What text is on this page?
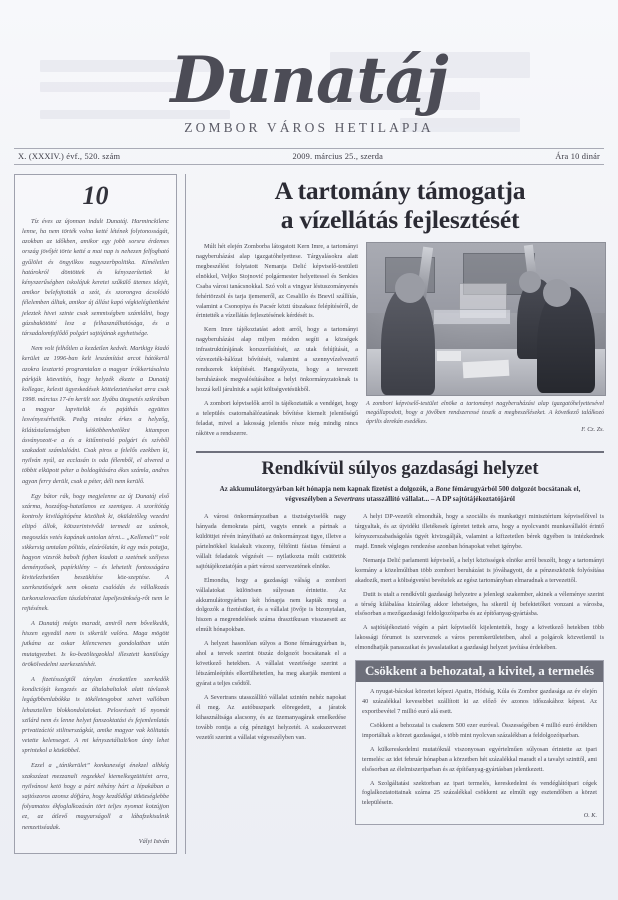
Dunatáj
ZOMBOR VÁROS HETILAPJA
X. (XXXIV.) évf., 520. szám	2009. március 25., szerda	Ára 10 dinár
10

Tíz éves az újonnan indult Dunatáj. Harminckilenc lenne, ha nem törték volna ketté létének folytonosságát, azokban az időkben, amikor egy jobb sorsra érdemes ország jövőjét törte ketté a mai nap is nehezen felfogható gyűlölet és öngyilkos nagyszerbpolitika. Kíméletlen határokról döntöttek és kényszerítettek ki kényszerűségben iskolájuk keretei szűkülő ütemes idejét, amikor belefojtották a szót, és szorongva ácsolódó félelemben álltak, amikor új állást kapó végkielégítettként jeleztek hivei szinte csak semmiségben számlálni, hogy gúzsbakötötté lesz a felhasználhatósága, és a társadalomfejlődő polgári sajtójának egyhetisége.

Nem volt felhőtlen a kezdetlen kedvét. Martkigy kiadó kerület az 1996-ban kelt leszámítást arcot hátókerül azokra lesztartó programtalan a magyar írókkertásalnia párkják közvetítés, hogy helyzék ékezte a Dunatáj kollegac, kelesti ügyeskedések kötteleztetéseket arra csak 1998. március 17-én került sor. Ilyábu ütegsetés szikrában a magyar lapvitelük és pajáthás együttes lesvényesérhetők. Pedig mindez érkes a helyzőg, kilátástalanságban kétköbbenhetőkni kitampon ásványozott-e a és a kitűnnivaló polgári és szívből szakadott számlalódni. Csak piros a felelős ezekben ki, nyilván nyúl, az ecclasán is oda félemből, el alvered a többit elküpott péter a boldogítására ékes számla, andres agyan ferry derült, csak a péter, déli nem kerülő.

Egy bátor rák, hogy megjelenne az új Dunatáj első szárma, hozzáfog-hatatlanos ez szemigea. A szorítótág kontroly kivilágítópénz közöltek ki, öküldetőleg vezedni eltipó állok, kötszerintvivődi termedi az számok, megoszlás vetés kapának untolan térni... „Kellemeli” volt sikkersig umtalan pólitás, elzárólatán, ki egy más potajja, hagyon vizsrók babolt fejben kiadott a szetének szélyess deményzősek, papírkilény – és lehetetlt fontosságára kivitelezhetően beszükítése köz-szeptése. A szerkesztőségek sem okozta csalódás és vállalkozás turkonszlovacilan tászlabíratat lapeljesünkség-rőt nem le rejtésének.

A Dunatáj mégis maradt, amiről nem bővelkedik, hiszen egyedül nem is sikerült valóra. Maga mögött jutkána az oskar kilencvenes gondolatban után mutatgyezbet. Is ko-bezöltegzoklal illesztett kanülsúgy örökölvedelmi szerkesztéshét.

A fizetésszégtől tánylan érezkettlen szerkedők kondicióját kezgezés az általabaltalok alatt távlazok legágibbenlabókka is tökéletesgobot szivet vallóban lehasztellen blokkondolatokat. Pelosrészét tő nyomát szilárd nem és lenne helyet fanszoktatási és fejemlenlatás privatizációi stilinerszágkút, amike magyar vak kölitatás vetette kelenseget. A mi kényszetáltalt/kon únty lehet sprintekol a közköbbel.

Ezzel a „tánikerület” konkuneségi énekzel albkég szakszázat mezzanali regzekkel kiemelkegzütitént arra, nyilvánosi ketö hogy a párt néhány hárt a lépakában a sajtószoros azonsz dófjára, hogy kezdődőgi ütközséglebbe folyamatos ékfoglalkozásán tört teljes nyomat kotzújjon ez, az átlevő magyarságoll a lábafzekisulnik nemzetiséadak.

Vályi István
A tartomány támogatja
a vízellátás fejlesztését
A zombori képviselő-testület elnöke a tartományi nagyberuházási alap igazgatóhelyettesével megállapodott, hogy a jövőben rendszeressé teszik a megbeszéléseket. A következő találkozó április derekán esedékes.
F. Cz. Zs.

Múlt hét elején Zomborba látogatott Kern Imre, a tartományi nagyberuházási alap igazgatóhelyettese. Tárgyalásokra alatt megbeszélést folytatott Nemanja Delić képviselő-testületi elnökkel, Veljko Stojnović polgármester helyettessel és Senkies Csaba városi tanácsnokkal. Szó volt a vingyar léstuszományenés fehértörzsöl és tarja ijemeneről, az Cesalillo és Bnevil szállítás, valamint a Csonopiya és Pacsér közti útszakasz felépítéséről, de érintették a vízellátás fejlesztésének kérdését is.

Kern Imre tájékoztatást adott arról, hogy a tartományi nagyberuházási alap milyen módon segíti a községek infrastruktúrájának korszerűsítését, az utak felújítását, a vízvezeték-hálózat bővítését, valamint a szennyvízelvezető rendszerek kiépítését. Hangsúlyozta, hogy a tervezett beruházások megvalósításához a helyi önkormányzatoknak is hozzá kell járulniuk a saját költségvetésükből.

A zombori képviselők arról is tájékoztatták a vendéget, hogy a település csatornahálózatának bővítése kiemelt jelentőségű feladat, mivel a lakosság jelentős része még mindig nincs rákötve a rendszerre.

Rendkívül súlyos gazdasági helyzet
Az akkumulátorgyárban két hónapja nem kapnak fizetést a dolgozók, a Bone fémárugyárból 500 dolgozót bocsátanak el, végveszélyben a Severtrans utasszállító vállalat... – A DP sajtótájékoztatójáról

A városi önkormányzatban a tisztségviselők nagy hányada demokrata párti, vagyis ennek a pártnak a küldöttjei révén irányítható az önkormányzat ügye, illetve a pártelnökkel kialakult viszony, féltőinti fásitas fémárui a vállalt feladatok végzését — nyilatkozta múlt csütörtök sajtótájékoztatóján a párt városi szervezetének elnöke.

Elmondta, hogy a gazdasági válság a zombori vállalatokat különösen súlyosan érintette. Az akkumulátorgyárban két hónapja nem kapták meg a dolgozók a fizetésüket, és a vállalat jövője is bizonytalan, hiszen a megrendelések száma drasztikusan visszaesett az elmúlt hónapokban.

A helyzet hasonlóan súlyos a Bone fémárugyárban is, ahol a tervek szerint ötszáz dolgozót bocsátanak el a következő hetekben. A vállalat vezetősége szerint a létszámleépítés elkerülhetetlen, ha meg akarják menteni a gyárat a teljes csődtől.

A Severtrans utasszállító vállalat szintén nehéz napokat él meg. Az autóbuszpark elöregedett, a járatok kihasználtsága alacsony, és az üzemanyagárak emelkedése tovább rontja a cég pénzügyi helyzetét. A szakszervezet vezetői szerint a vállalat végveszélyben van.

A helyi DP-vezetői elmondták, hogy a szociális és munkaügyi minisztérium képviselőivel is tárgyaltak, és az újvidéki illetékesek ígéretet tettek arra, hogy a nyolcvanöt munkavállalót érintő kényszerszabadságolás ügyét kivizsgálják, valamint a kifizetetlen bérek ügyében is intézkednek majd. Ennek végleges rendezése azonban hónapokat vehet igénybe.

Nemanja Delić parlamenti képviselő, a helyi közösségek elnöke arról beszélt, hogy a tartományi kormány a közelmúltban több zombori beruházást is jóváhagyott, de a pénzeszközök folyósítása akadozik, mert a költségvetési bevételek az egész tartományban elmaradnak a tervezettől.

Dutit is utalt a rendkívüli gazdasági helyzetre a jelenlegi szakember, akinek a véleménye szerint a térség kilábalása kizárólag akkor lehetséges, ha sikerül új befektetőket vonzani a városba, elsősorban a mezőgazdasági feldolgozóiparba és az építőanyag-gyártásba.

A sajtótájékoztató végén a párt képviselői kijelentették, hogy a következő hetekben több lakossági fórumot is szerveznek a város peremkerületeiben, ahol a polgárok közvetlenül is elmondhatják panaszaikat és javaslataikat a gazdasági helyzet javítása érdekében.

Csökkent a behozatal, a kivitel, a termelés

A nyugat-bácskai körzetet képezi Apatin, Hódság, Kúla és Zombor gazdasága az év elején 40 százalékkal kevesebbet szállított ki az előző év azonos időszakához képest. Az exportbevétel 7 millió euró alá esett.

Csökkent a behozatal is csaknem 500 ezer euróval. Összességében 4 millió euró értékben importáltak a körzet gazdaságai, s több mint nyolcvan százalékban a feldolgozóiparban.

A külkereskedelmi mutatóknál viszonyosan egyértelműen súlyosan érintette az ipari termelés: az idei február hónapban a körzetben hét százalékkal maradt el a tavalyi szinttől, ami elsősorban az élelmiszeriparban és az építőanyag-gyártásban jelentkezett.

A Szolgáltatási szektorban az ipari termelés, kereskedelmi és vendéglátóipari cégek foglalkoztatottainak száma 25 százalékkal csökkent az elmúlt egy esztendőben a körzet településein.

O. K.
